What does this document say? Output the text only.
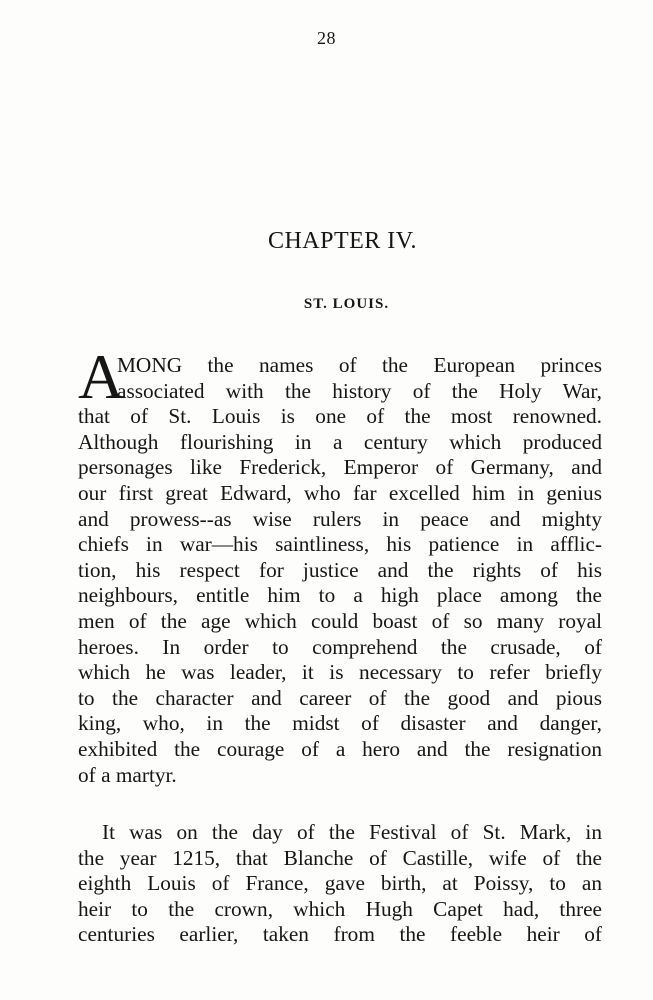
28
CHAPTER IV.
ST. LOUIS.
A
MONG the names of the European princes
associated with the history of the Holy War,
that of St. Louis is one of the most renowned.
Although flourishing in a century which produced
personages like Frederick, Emperor of Germany, and
our first great Edward, who far excelled him in genius
and prowess--as wise rulers in peace and mighty
chiefs in war—his saintliness, his patience in afflic-
tion, his respect for justice and the rights of his
neighbours, entitle him to a high place among the
men of the age which could boast of so many royal
heroes. In order to comprehend the crusade, of
which he was leader, it is necessary to refer briefly
to the character and career of the good and pious
king, who, in the midst of disaster and danger,
exhibited the courage of a hero and the resignation
of a martyr.
It was on the day of the Festival of St. Mark, in
the year 1215, that Blanche of Castille, wife of the
eighth Louis of France, gave birth, at Poissy, to an
heir to the crown, which Hugh Capet had, three
centuries earlier, taken from the feeble heir of
